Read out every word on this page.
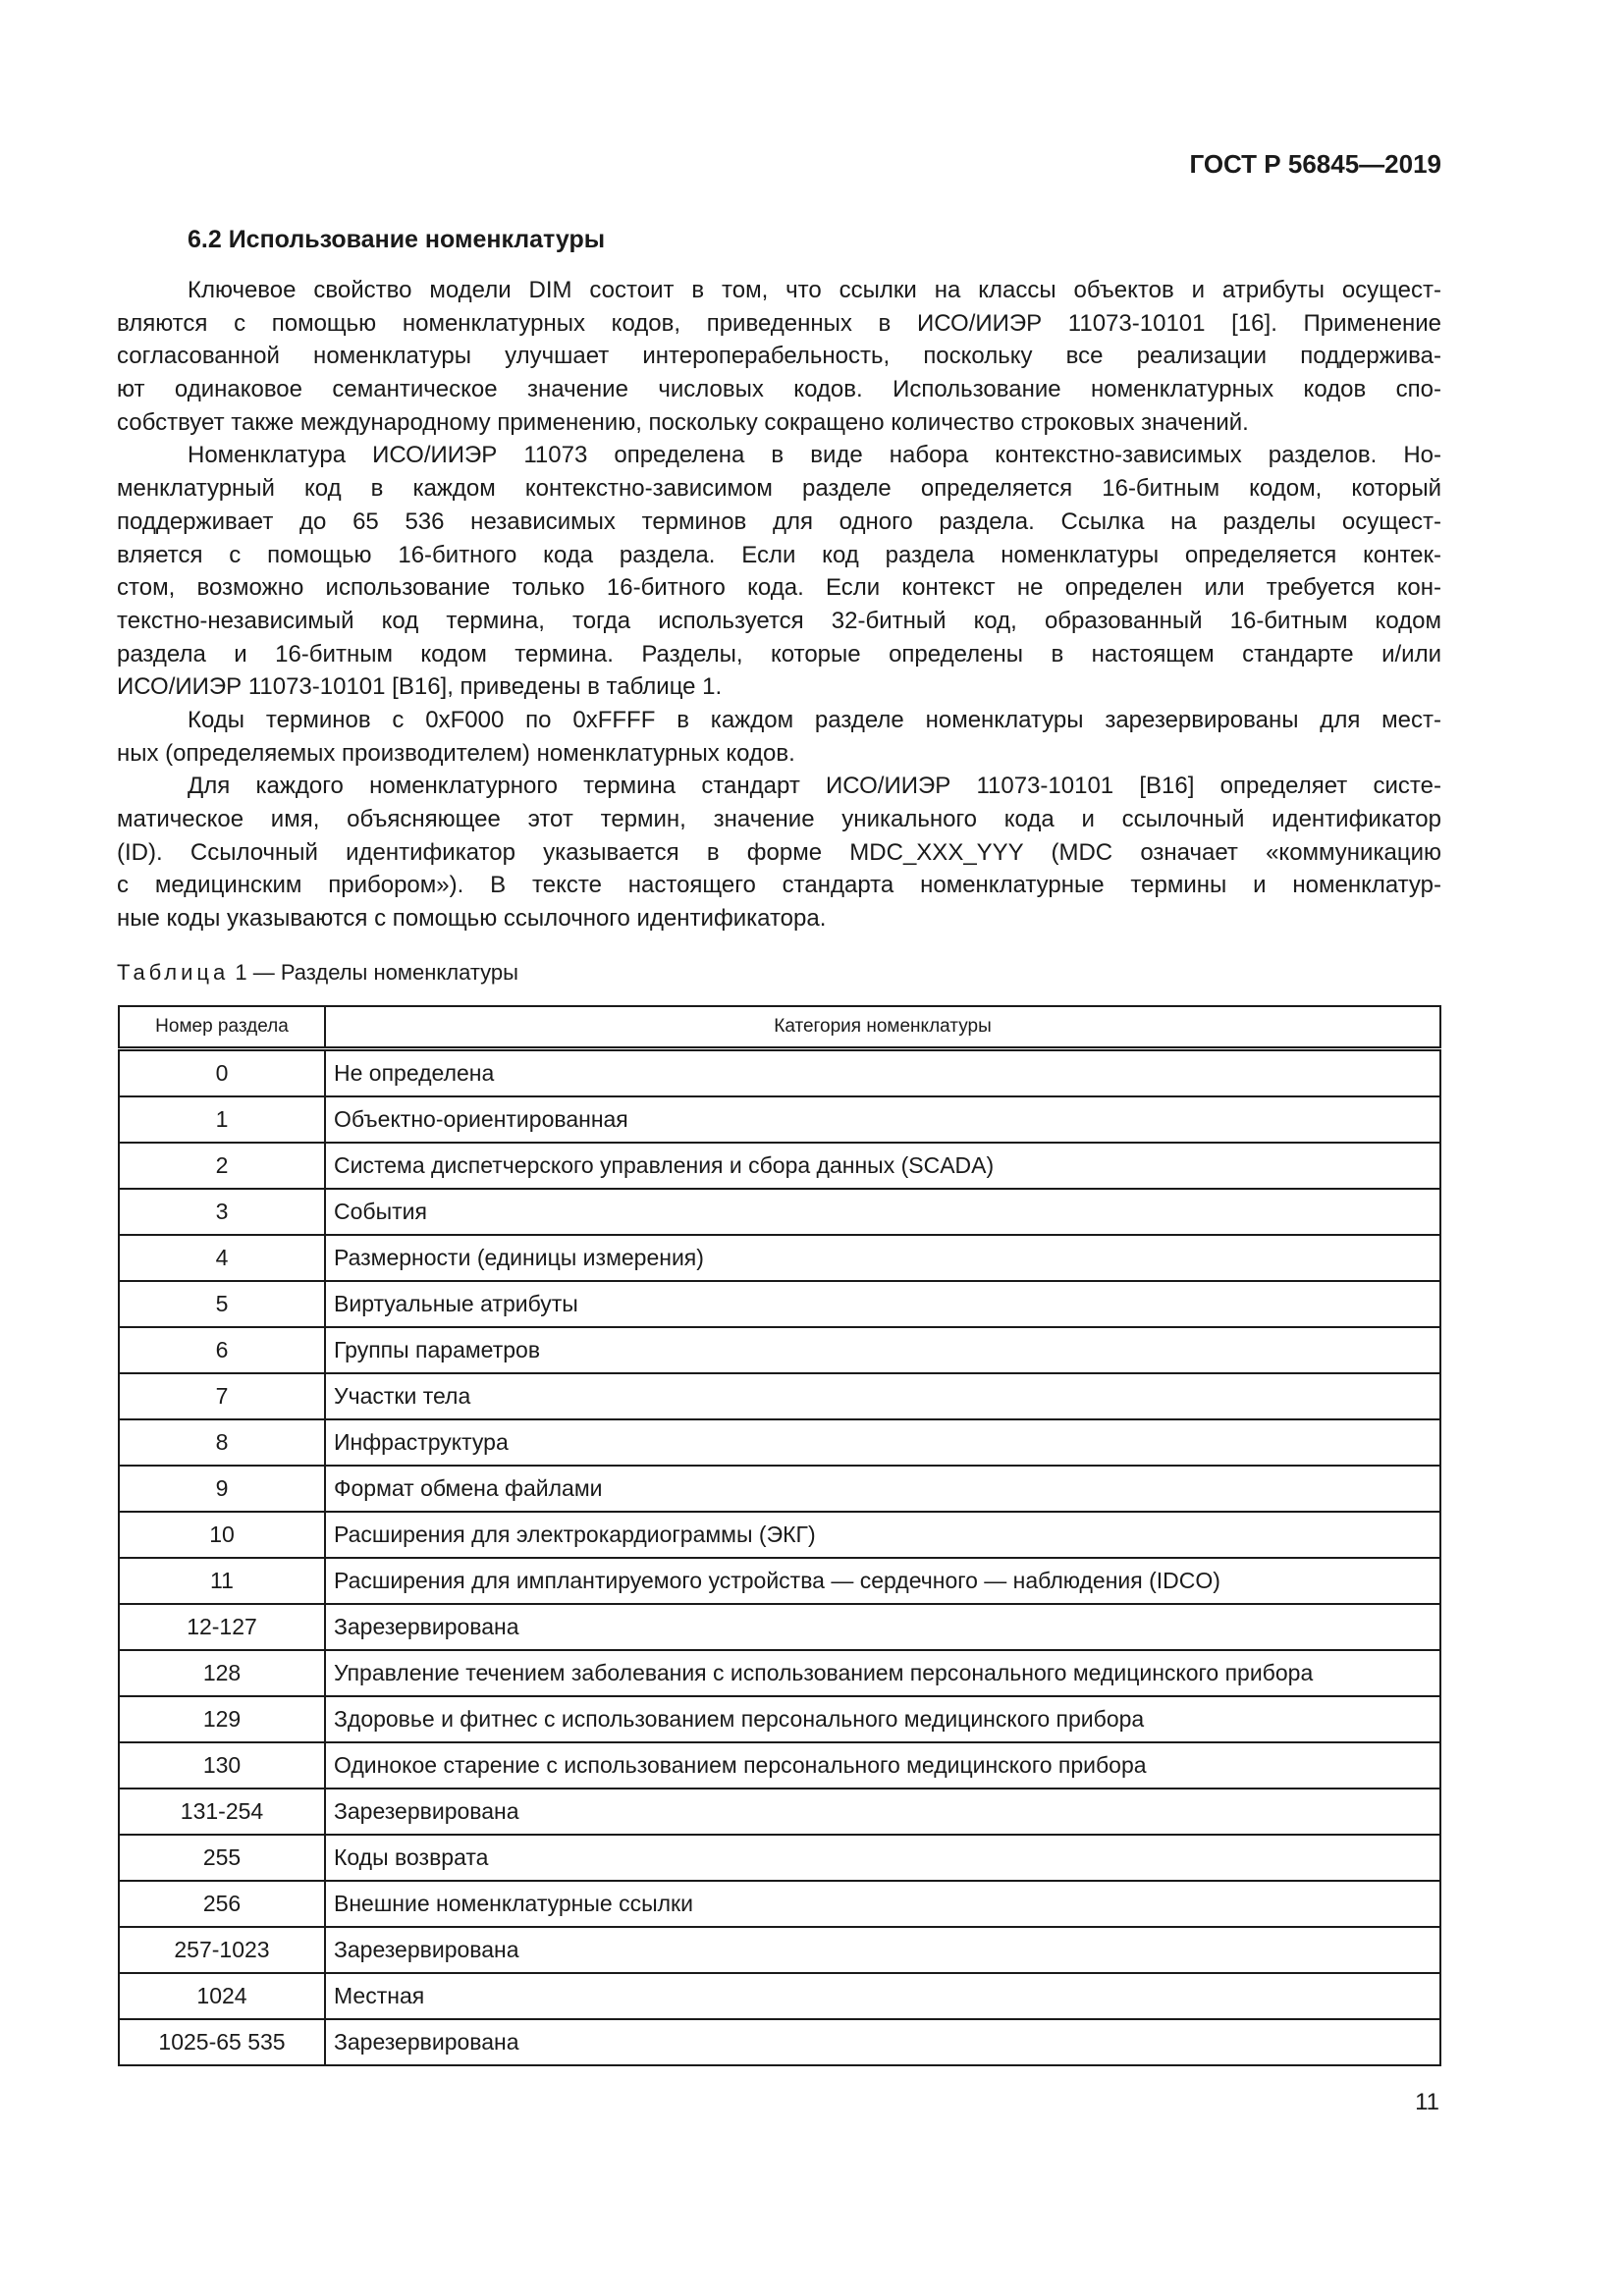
ГОСТ Р 56845—2019
6.2 Использование номенклатуры
Ключевое свойство модели DIM состоит в том, что ссылки на классы объектов и атрибуты осущест-
вляются с помощью номенклатурных кодов, приведенных в ИСО/ИИЭР 11073-10101 [16]. Применение
согласованной номенклатуры улучшает интероперабельность, поскольку все реализации поддержива-
ют одинаковое семантическое значение числовых кодов. Использование номенклатурных кодов спо-
собствует также международному применению, поскольку сокращено количество строковых значений.
Номенклатура ИСО/ИИЭР 11073 определена в виде набора контекстно-зависимых разделов. Но-
менклатурный код в каждом контекстно-зависимом разделе определяется 16-битным кодом, который
поддерживает до 65 536 независимых терминов для одного раздела. Ссылка на разделы осущест-
вляется с помощью 16-битного кода раздела. Если код раздела номенклатуры определяется контек-
стом, возможно использование только 16-битного кода. Если контекст не определен или требуется кон-
текстно-независимый код термина, тогда используется 32-битный код, образованный 16-битным кодом
раздела и 16-битным кодом термина. Разделы, которые определены в настоящем стандарте и/или
ИСО/ИИЭР 11073-10101 [B16], приведены в таблице 1.
Коды терминов с 0xF000 по 0xFFFF в каждом разделе номенклатуры зарезервированы для мест-
ных (определяемых производителем) номенклатурных кодов.
Для каждого номенклатурного термина стандарт ИСО/ИИЭР 11073-10101 [B16] определяет систе-
матическое имя, объясняющее этот термин, значение уникального кода и ссылочный идентификатор
(ID). Ссылочный идентификатор указывается в форме MDC_XXX_YYY (MDC означает «коммуникацию
с медицинским прибором»). В тексте настоящего стандарта номенклатурные термины и номенклатур-
ные коды указываются с помощью ссылочного идентификатора.
Таблица 1 — Разделы номенклатуры
Номер раздела	Категория номенклатуры
0	Не определена
1	Объектно-ориентированная
2	Система диспетчерского управления и сбора данных (SCADA)
3	События
4	Размерности (единицы измерения)
5	Виртуальные атрибуты
6	Группы параметров
7	Участки тела
8	Инфраструктура
9	Формат обмена файлами
10	Расширения для электрокардиограммы (ЭКГ)
11	Расширения для имплантируемого устройства — сердечного — наблюдения (IDCO)
12-127	Зарезервирована
128	Управление течением заболевания с использованием персонального медицинского прибора
129	Здоровье и фитнес с использованием персонального медицинского прибора
130	Одинокое старение с использованием персонального медицинского прибора
131-254	Зарезервирована
255	Коды возврата
256	Внешние номенклатурные ссылки
257-1023	Зарезервирована
1024	Местная
1025-65 535	Зарезервирована
11
